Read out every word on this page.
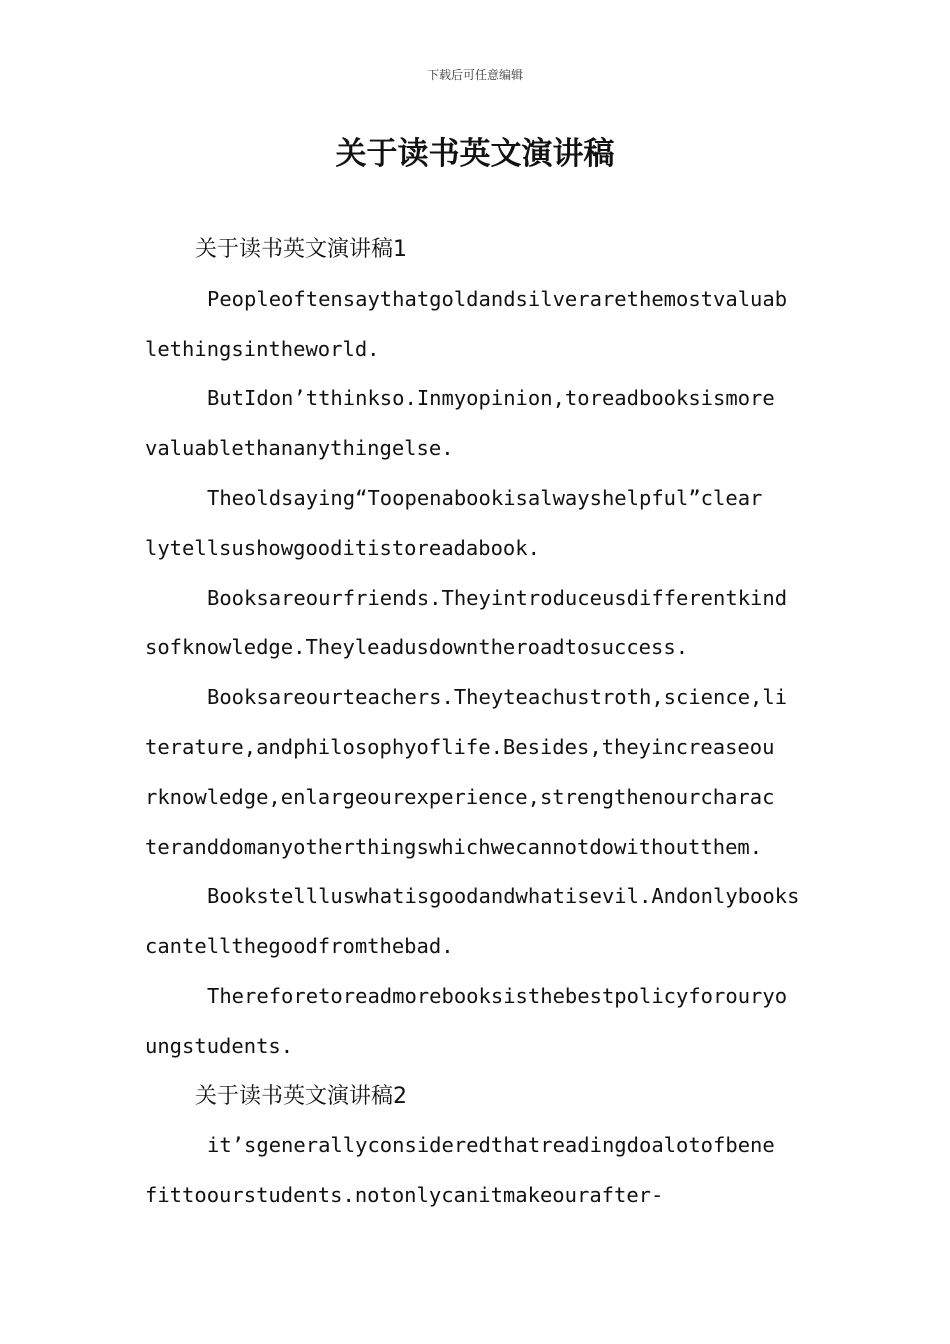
下载后可任意编辑
关于读书英文演讲稿
关于读书英文演讲稿1
Peopleoftensaythatgoldandsilverarethemostvaluab
lethingsintheworld.
ButIdon’tthinkso.Inmyopinion,toreadbooksismore
valuablethananythingelse.
Theoldsaying“Toopenabookisalwayshelpful”clear
lytellsushowgooditistoreadabook.
Booksareourfriends.Theyintroduceusdifferentkind
sofknowledge.Theyleadusdowntheroadtosuccess.
Booksareourteachers.Theyteachustroth,science,li
terature,andphilosophyoflife.Besides,theyincreaseou
rknowledge,enlargeourexperience,strengthenourcharac
teranddomanyotherthingswhichwecannotdowithoutthem.
Bookstellluswhatisgoodandwhatisevil.Andonlybooks
cantellthegoodfromthebad.
Thereforetoreadmorebooksisthebestpolicyforouryo
ungstudents.
关于读书英文演讲稿2
it’sgenerallyconsideredthatreadingdoalotofbene
fittoourstudents.notonlycanitmakeourafter-
